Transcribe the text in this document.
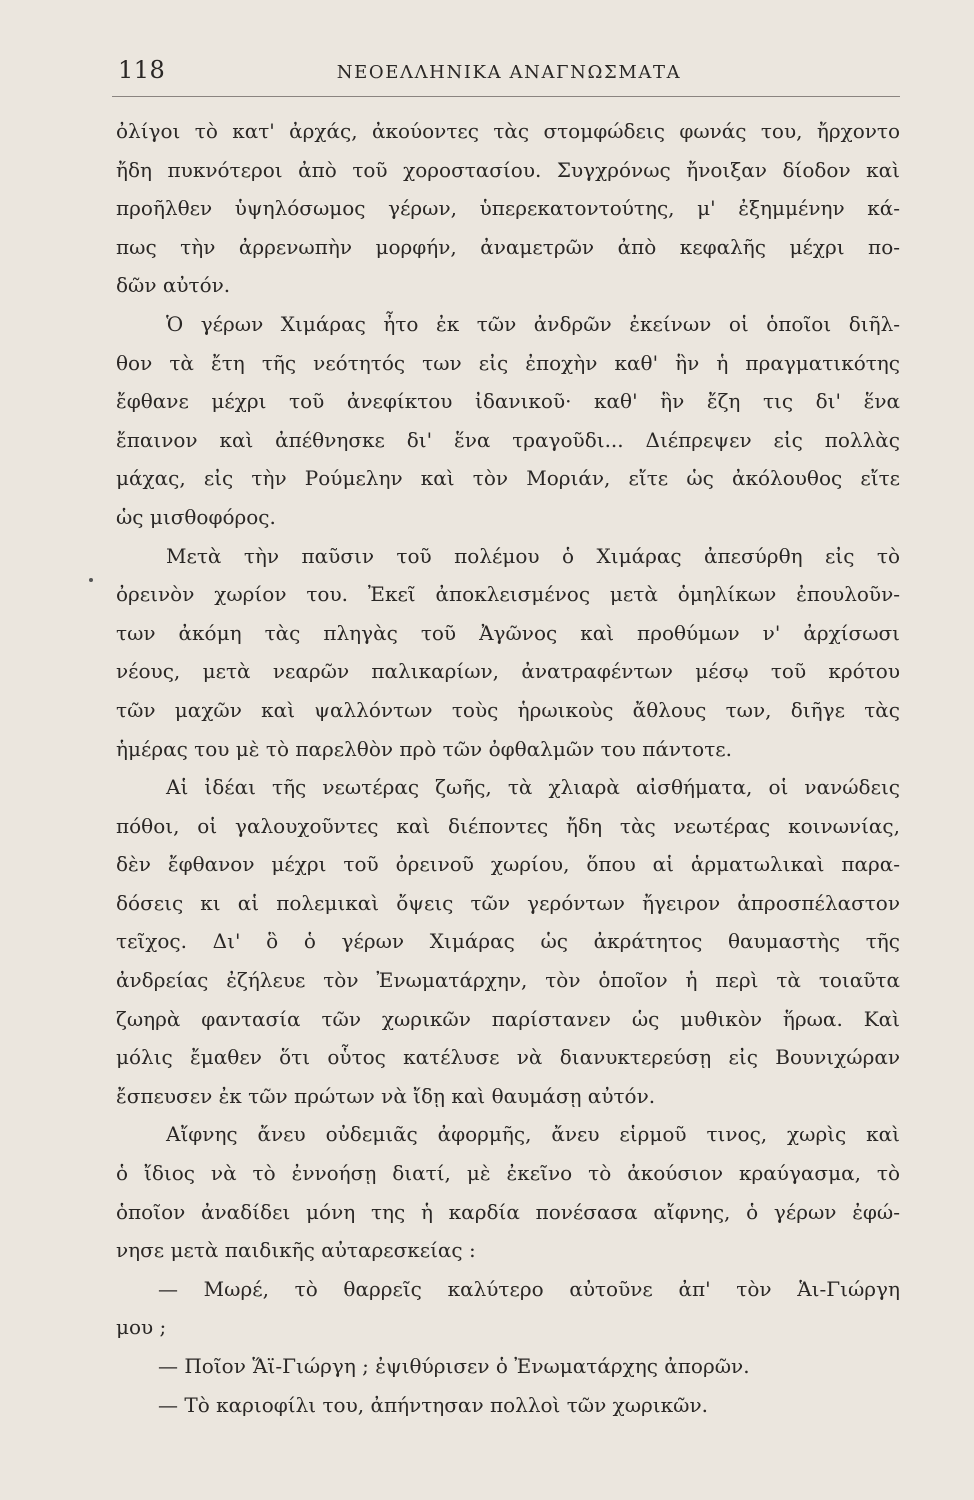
118	ΝΕΟΕΛΛΗΝΙΚΑ ΑΝΑΓΝΩΣΜΑΤΑ
ὀλίγοι τὸ κατ' ἀρχάς, ἀκούοντες τὰς στομφώδεις φωνάς του, ἤρχοντο
ἤδη πυκνότεροι ἀπὸ τοῦ χοροστασίου. Συγχρόνως ἤνοιξαν δίοδον καὶ
προῆλθεν ὑψηλόσωμος γέρων, ὑπερεκατοντούτης, μ' ἐξημμένην κά-
πως τὴν ἀρρενωπὴν μορφήν, ἀναμετρῶν ἀπὸ κεφαλῆς μέχρι πο-
δῶν αὐτόν.
Ὁ γέρων Χιμάρας ἦτο ἐκ τῶν ἀνδρῶν ἐκείνων οἱ ὁποῖοι διῆλ-
θον τὰ ἔτη τῆς νεότητός των εἰς ἐποχὴν καθ' ἣν ἡ πραγματικότης
ἔφθανε μέχρι τοῦ ἀνεφίκτου ἰδανικοῦ· καθ' ἣν ἔζη τις δι' ἕνα
ἔπαινον καὶ ἀπέθνησκε δι' ἕνα τραγοῦδι... Διέπρεψεν εἰς πολλὰς
μάχας, εἰς τὴν Ρούμελην καὶ τὸν Μοριάν, εἴτε ὡς ἀκόλουθος εἴτε
ὡς μισθοφόρος.
Μετὰ τὴν παῦσιν τοῦ πολέμου ὁ Χιμάρας ἀπεσύρθη εἰς τὸ
ὀρεινὸν χωρίον του. Ἐκεῖ ἀποκλεισμένος μετὰ ὁμηλίκων ἐπουλοῦν-
των ἀκόμη τὰς πληγὰς τοῦ Ἀγῶνος καὶ προθύμων ν' ἀρχίσωσι
νέους, μετὰ νεαρῶν παλικαρίων, ἀνατραφέντων μέσῳ τοῦ κρότου
τῶν μαχῶν καὶ ψαλλόντων τοὺς ἡρωικοὺς ἄθλους των, διῆγε τὰς
ἡμέρας του μὲ τὸ παρελθὸν πρὸ τῶν ὀφθαλμῶν του πάντοτε.
Αἱ ἰδέαι τῆς νεωτέρας ζωῆς, τὰ χλιαρὰ αἰσθήματα, οἱ νανώδεις
πόθοι, οἱ γαλουχοῦντες καὶ διέποντες ἤδη τὰς νεωτέρας κοινωνίας,
δὲν ἔφθανον μέχρι τοῦ ὀρεινοῦ χωρίου, ὅπου αἱ ἁρματωλικαὶ παρα-
δόσεις κι αἱ πολεμικαὶ ὄψεις τῶν γερόντων ἤγειρον ἀπροσπέλαστον
τεῖχος. Δι' ὃ ὁ γέρων Χιμάρας ὡς ἀκράτητος θαυμαστὴς τῆς
ἀνδρείας ἐζήλευε τὸν Ἐνωματάρχην, τὸν ὁποῖον ἡ περὶ τὰ τοιαῦτα
ζωηρὰ φαντασία τῶν χωρικῶν παρίστανεν ὡς μυθικὸν ἥρωα. Καὶ
μόλις ἔμαθεν ὅτι οὗτος κατέλυσε νὰ διανυκτερεύσῃ εἰς Βουνιχώραν
ἔσπευσεν ἐκ τῶν πρώτων νὰ ἴδῃ καὶ θαυμάσῃ αὐτόν.
Αἴφνης ἄνευ οὐδεμιᾶς ἀφορμῆς, ἄνευ εἱρμοῦ τινος, χωρὶς καὶ
ὁ ἴδιος νὰ τὸ ἐννοήσῃ διατί, μὲ ἐκεῖνο τὸ ἀκούσιον κραύγασμα, τὸ
ὁποῖον ἀναδίδει μόνη της ἡ καρδία πονέσασα αἴφνης, ὁ γέρων ἐφώ-
νησε μετὰ παιδικῆς αὐταρεσκείας :
— Μωρέ, τὸ θαρρεῖς καλύτερο αὐτοῦνε ἀπ' τὸν Ἁι-Γιώργη
μου ;
— Ποῖον Ἅϊ-Γιώργη ; ἐψιθύρισεν ὁ Ἐνωματάρχης ἀπορῶν.
— Τὸ καριοφίλι του, ἀπήντησαν πολλοὶ τῶν χωρικῶν.
